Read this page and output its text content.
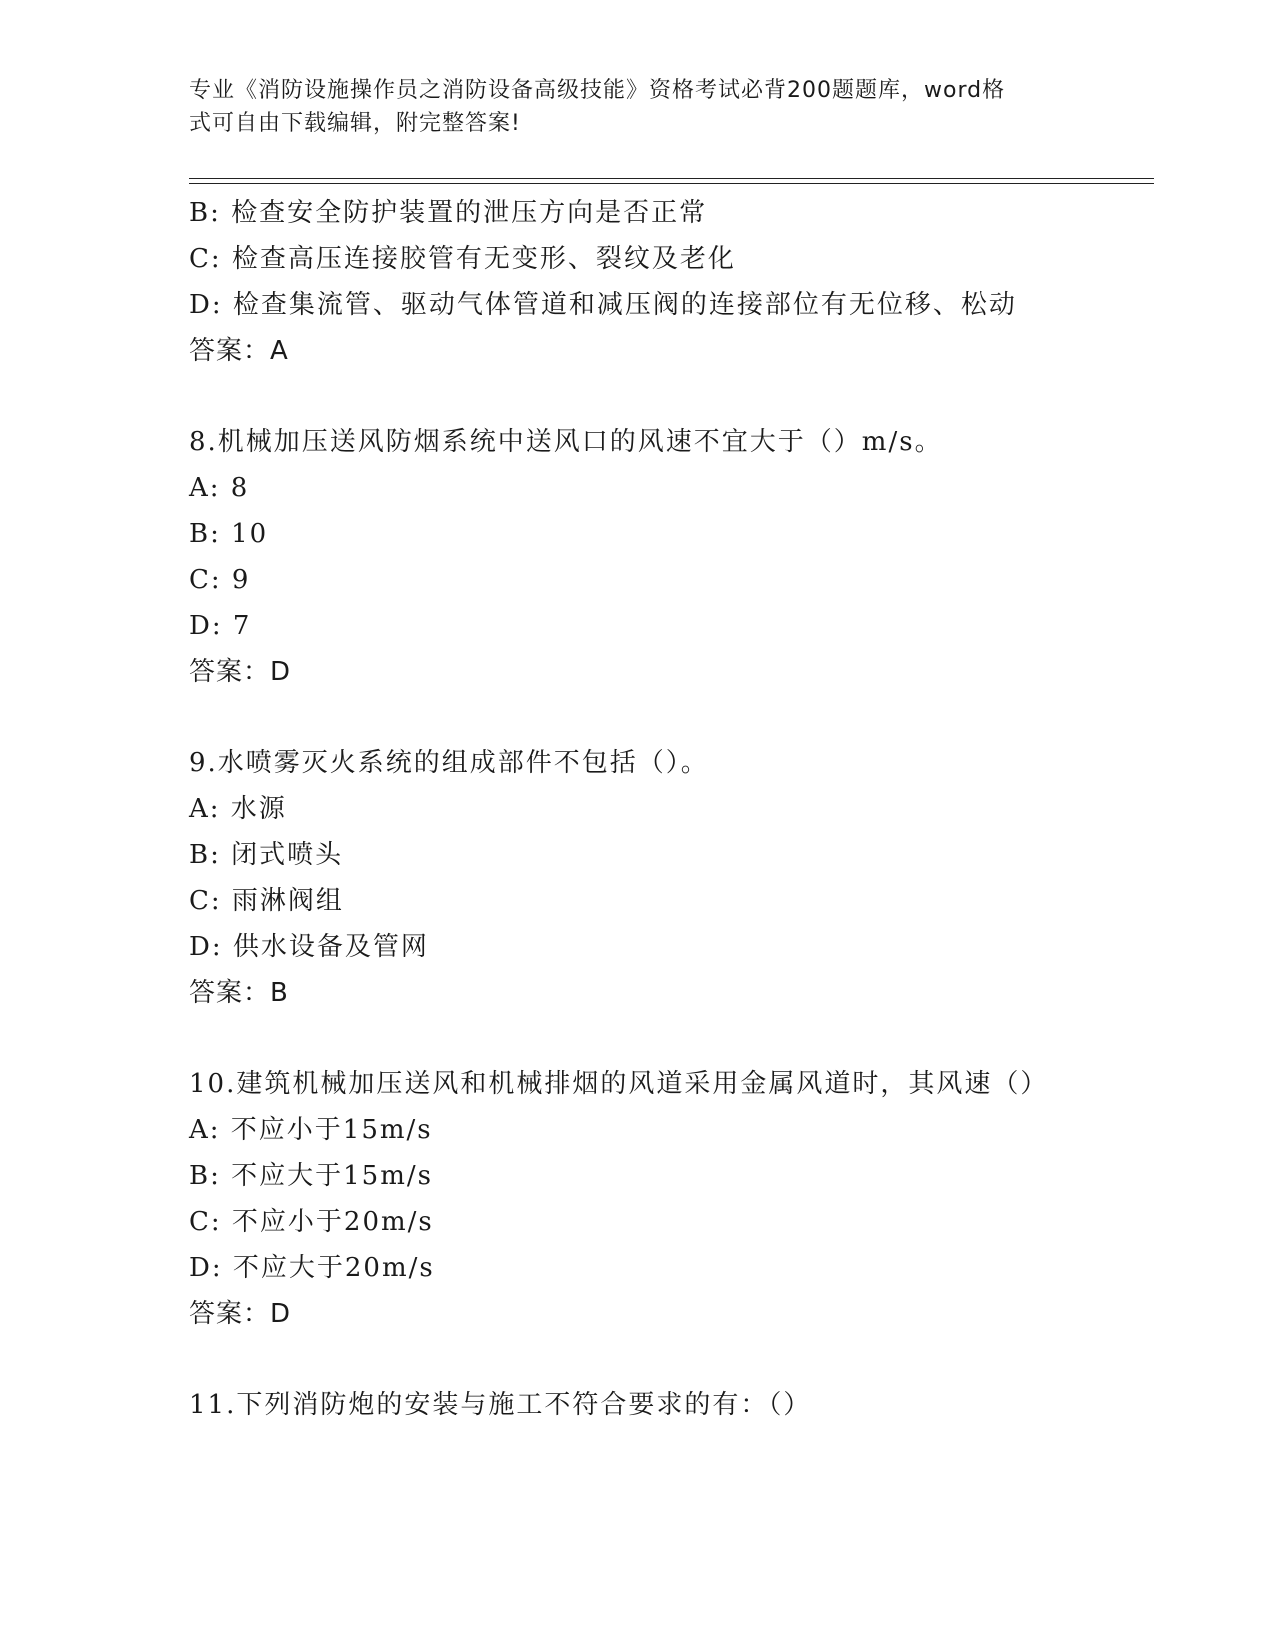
专业《消防设施操作员之消防设备高级技能》资格考试必背200题题库，word格
式可自由下载编辑，附完整答案!
B: 检查安全防护装置的泄压方向是否正常
C: 检查高压连接胶管有无变形、裂纹及老化
D: 检查集流管、驱动气体管道和减压阀的连接部位有无位移、松动
答案：A
8.机械加压送风防烟系统中送风口的风速不宜大于（）m/s。
A: 8
B: 10
C: 9
D: 7
答案：D
9.水喷雾灭火系统的组成部件不包括（）。
A: 水源
B: 闭式喷头
C: 雨淋阀组
D: 供水设备及管网
答案：B
10.建筑机械加压送风和机械排烟的风道采用金属风道时，其风速（）
A: 不应小于15m/s
B: 不应大于15m/s
C: 不应小于20m/s
D: 不应大于20m/s
答案：D
11.下列消防炮的安装与施工不符合要求的有：（）
